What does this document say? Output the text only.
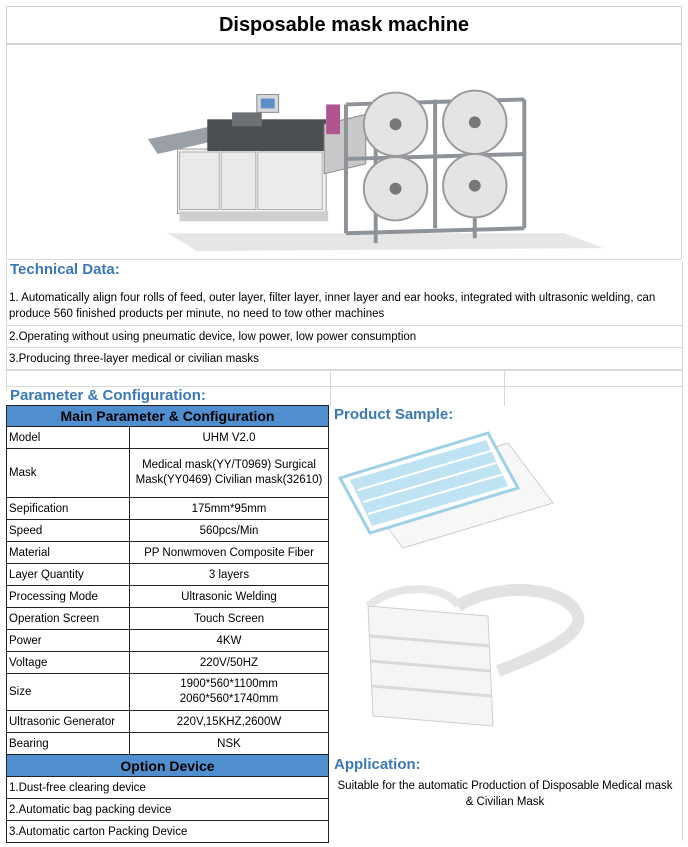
Disposable mask machine
Technical Data:
1. Automatically align four rolls of feed, outer layer, filter layer, inner layer and ear hooks, integrated with ultrasonic welding, can produce 560 finished products per minute, no need to tow other machines
2.Operating without using pneumatic device, low power, low power consumption
3.Producing three-layer medical or civilian masks
Parameter & Configuration:
Main Parameter & Configuration	
Model	UHM V2.0
Mask	Medical mask(YY/T0969) Surgical Mask(YY0469) Civilian mask(32610)
Sepification	175mm*95mm
Speed	560pcs/Min
Material	PP Nonwmoven Composite Fiber
Layer Quantity	3 layers
Processing Mode	Ultrasonic Welding
Operation Screen	Touch Screen
Power	4KW
Voltage	220V/50HZ
Size	1900*560*1100mm
2060*560*1740mm

Ultrasonic Generator	220V,15KHZ,2600W
Bearing	NSK
Option Device	
1.Dust-free clearing device	
2.Automatic bag packing device	
3.Automatic carton Packing Device	
Product Sample:
Application:
Suitable for the automatic Production of Disposable Medical mask & Civilian Mask
